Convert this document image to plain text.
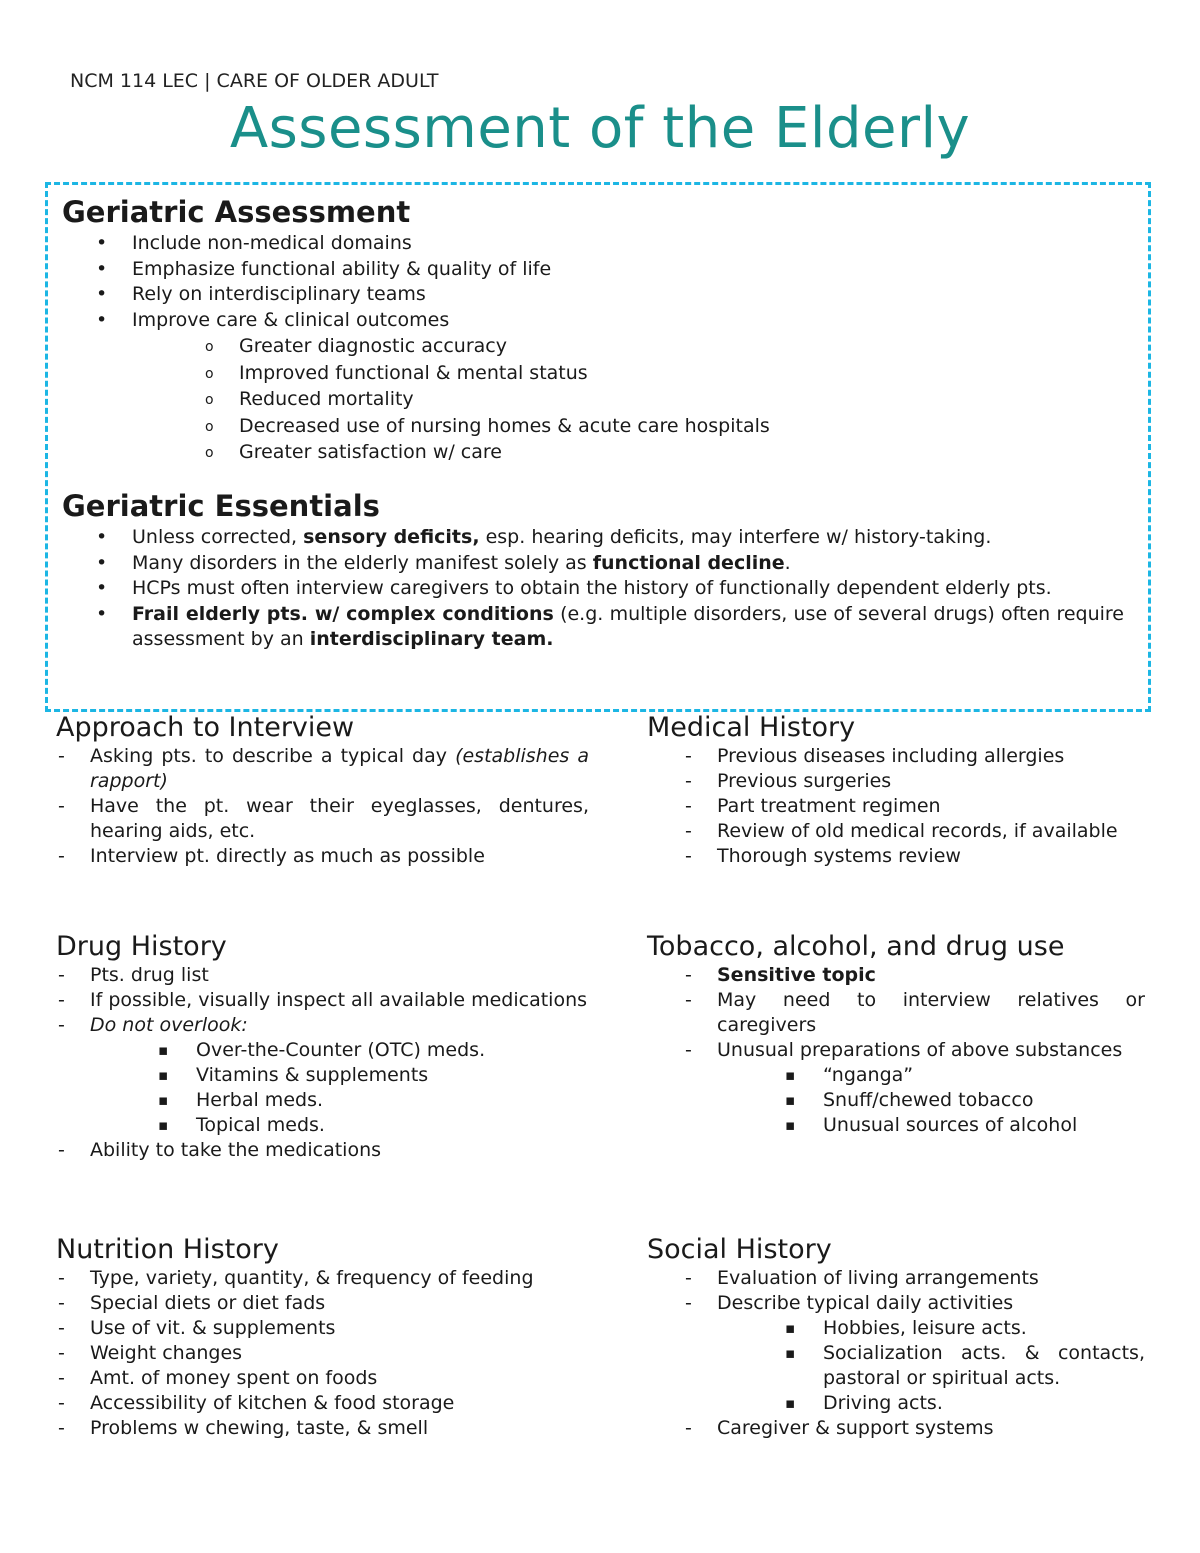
NCM 114 LEC | CARE OF OLDER ADULT
Assessment of the Elderly
Geriatric Assessment
• Include non-medical domains
• Emphasize functional ability & quality of life
• Rely on interdisciplinary teams
• Improve care & clinical outcomes
o Greater diagnostic accuracy
o Improved functional & mental status
o Reduced mortality
o Decreased use of nursing homes & acute care hospitals
o Greater satisfaction w/ care
Geriatric Essentials
• Unless corrected, sensory deficits, esp. hearing deficits, may interfere w/ history-taking.
• Many disorders in the elderly manifest solely as functional decline.
• HCPs must often interview caregivers to obtain the history of functionally dependent elderly pts.
• Frail elderly pts. w/ complex conditions (e.g. multiple disorders, use of several drugs) often require assessment by an interdisciplinary team.
Approach to Interview
- Asking pts. to describe a typical day (establishes a rapport)
- Have the pt. wear their eyeglasses, dentures, hearing aids, etc.
- Interview pt. directly as much as possible
Medical History
- Previous diseases including allergies
- Previous surgeries
- Part treatment regimen
- Review of old medical records, if available
- Thorough systems review
Drug History
- Pts. drug list
- If possible, visually inspect all available medications
- Do not overlook:
▪ Over-the-Counter (OTC) meds.
▪ Vitamins & supplements
▪ Herbal meds.
▪ Topical meds.
- Ability to take the medications
Tobacco, alcohol, and drug use
- Sensitive topic
- May need to interview relatives or caregivers
- Unusual preparations of above substances
▪ “nganga”
▪ Snuff/chewed tobacco
▪ Unusual sources of alcohol
Nutrition History
- Type, variety, quantity, & frequency of feeding
- Special diets or diet fads
- Use of vit. & supplements
- Weight changes
- Amt. of money spent on foods
- Accessibility of kitchen & food storage
- Problems w chewing, taste, & smell
Social History
- Evaluation of living arrangements
- Describe typical daily activities
▪ Hobbies, leisure acts.
▪ Socialization acts. & contacts, pastoral or spiritual acts.
▪ Driving acts.
- Caregiver & support systems
